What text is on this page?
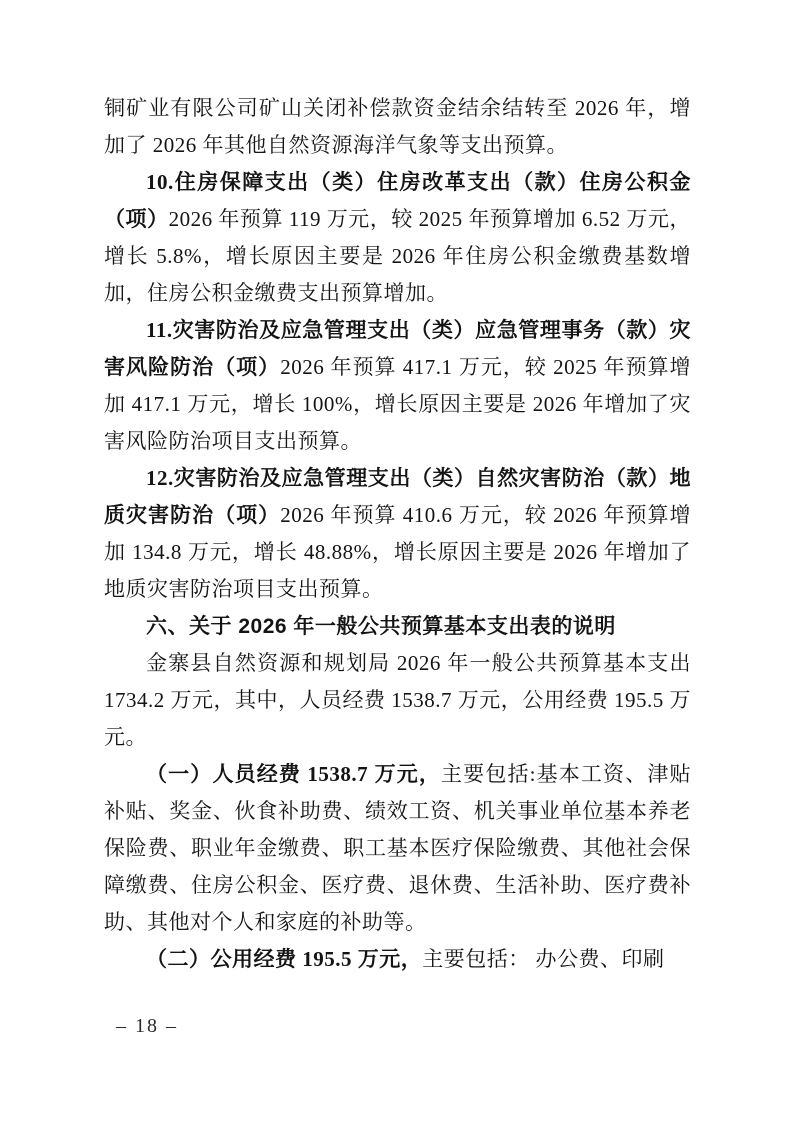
铜矿业有限公司矿山关闭补偿款资金结余结转至 2026 年，增加了 2026 年其他自然资源海洋气象等支出预算。

10.住房保障支出（类）住房改革支出（款）住房公积金（项）2026 年预算 119 万元，较 2025 年预算增加 6.52 万元，增长 5.8%，增长原因主要是 2026 年住房公积金缴费基数增加，住房公积金缴费支出预算增加。

11.灾害防治及应急管理支出（类）应急管理事务（款）灾害风险防治（项）2026 年预算 417.1 万元，较 2025 年预算增加 417.1 万元，增长 100%，增长原因主要是 2026 年增加了灾害风险防治项目支出预算。

12.灾害防治及应急管理支出（类）自然灾害防治（款）地质灾害防治（项）2026 年预算 410.6 万元，较 2026 年预算增加 134.8 万元，增长 48.88%，增长原因主要是 2026 年增加了地质灾害防治项目支出预算。

六、关于 2026 年一般公共预算基本支出表的说明

金寨县自然资源和规划局 2026 年一般公共预算基本支出 1734.2 万元，其中，人员经费 1538.7 万元，公用经费 195.5 万元。

（一）人员经费 1538.7 万元，主要包括:基本工资、津贴补贴、奖金、伙食补助费、绩效工资、机关事业单位基本养老保险费、职业年金缴费、职工基本医疗保险缴费、其他社会保障缴费、住房公积金、医疗费、退休费、生活补助、医疗费补助、其他对个人和家庭的补助等。

（二）公用经费 195.5 万元，主要包括： 办公费、印刷

– 18 –
